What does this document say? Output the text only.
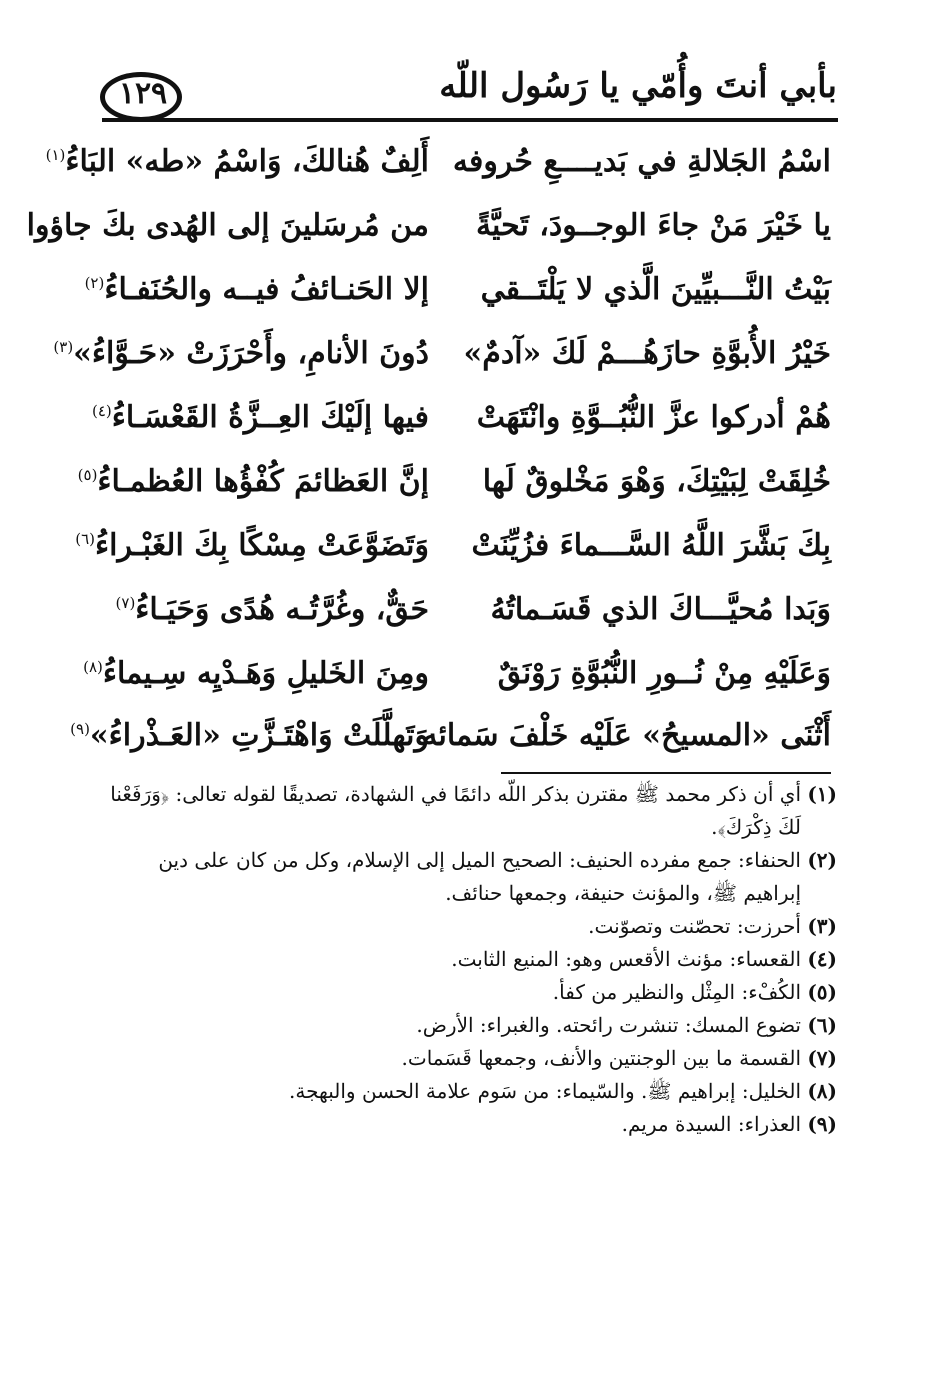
بأبي أنتَ وأُمّي يا رَسُول اللّه
١٢٩
اسْمُ الجَلالةِ في بَديــــعِ حُروفه
أَلِفٌ هُنالكَ، وَاسْمُ «طه» البَاءُ$^{(١)}$
يا خَيْرَ مَنْ جاءَ الوجــودَ، تَحيَّةً
من مُرسَلينَ إلى الهُدى بكَ جاؤوا
بَيْتُ النَّـــبيِّينَ الَّذي لا يَلْتَــقي
إلا الحَنـائفُ فيــه والحُنَفـاءُ$^{(٢)}$
خَيْرُ الأُبوَّةِ حازَهُـــمْ لَكَ «آدمٌ»
دُونَ الأنامِ، وأَحْرَزَتْ «حَـوَّاءُ»$^{(٣)}$
هُمْ أدركوا عزَّ النُّبُــوَّةِ وانْتَهَتْ
فيها إلَيْكَ العِــزَّةُ القَعْسَـاءُ$^{(٤)}$
خُلِقَتْ لِبَيْتِكَ، وَهْوَ مَخْلوقٌ لَها
إنَّ العَظائمَ كُفْؤُها العُظمـاءُ$^{(٥)}$
بِكَ بَشَّرَ اللَّهُ السَّـــماءَ فزُيِّنَتْ
وَتَضَوَّعَتْ مِسْكًا بِكَ الغَبْـراءُ$^{(٦)}$
وَبَدا مُحيَّـــاكَ الذي قَسَـماتُهُ
حَقٌّ، وغُرَّتُـه هُدًى وَحَيَـاءُ$^{(٧)}$
وَعَلَيْهِ مِنْ نُــورِ النُّبُوَّةِ رَوْنَقٌ
ومِنَ الخَليلِ وَهَـدْيِه سِـيماءُ$^{(٨)}$
أَثْنَى «المسيحُ» عَلَيْه خَلْفَ سَمائه
وَتَهلَّلَتْ وَاهْتَـزَّتِ «العَـذْراءُ»$^{(٩)}$

(١)
أي أن ذكر محمد ﷺ مقترن بذكر اللّه دائمًا في الشهادة، تصديقًا لقوله تعالى: ﴿وَرَفَعْنا لَكَ ذِكْرَكَ﴾.

(٢)
الحنفاء: جمع مفرده الحنيف: الصحيح الميل إلى الإسلام، وكل من كان على دين إبراهيم ﷺ، والمؤنث حنيفة، وجمعها حنائف.

(٣)
أحرزت: تحصّنت وتصوّنت.

(٤)
القعساء: مؤنث الأقعس وهو: المنيع الثابت.

(٥)
الكُفْء: المِثْل والنظير من كفأ.

(٦)
تضوع المسك: تنشرت رائحته. والغبراء: الأرض.

(٧)
القسمة ما بين الوجنتين والأنف، وجمعها قَسَمات.

(٨)
الخليل: إبراهيم ﷺ. والسّيماء: من سَوم علامة الحسن والبهجة.

(٩)
العذراء: السيدة مريم.
